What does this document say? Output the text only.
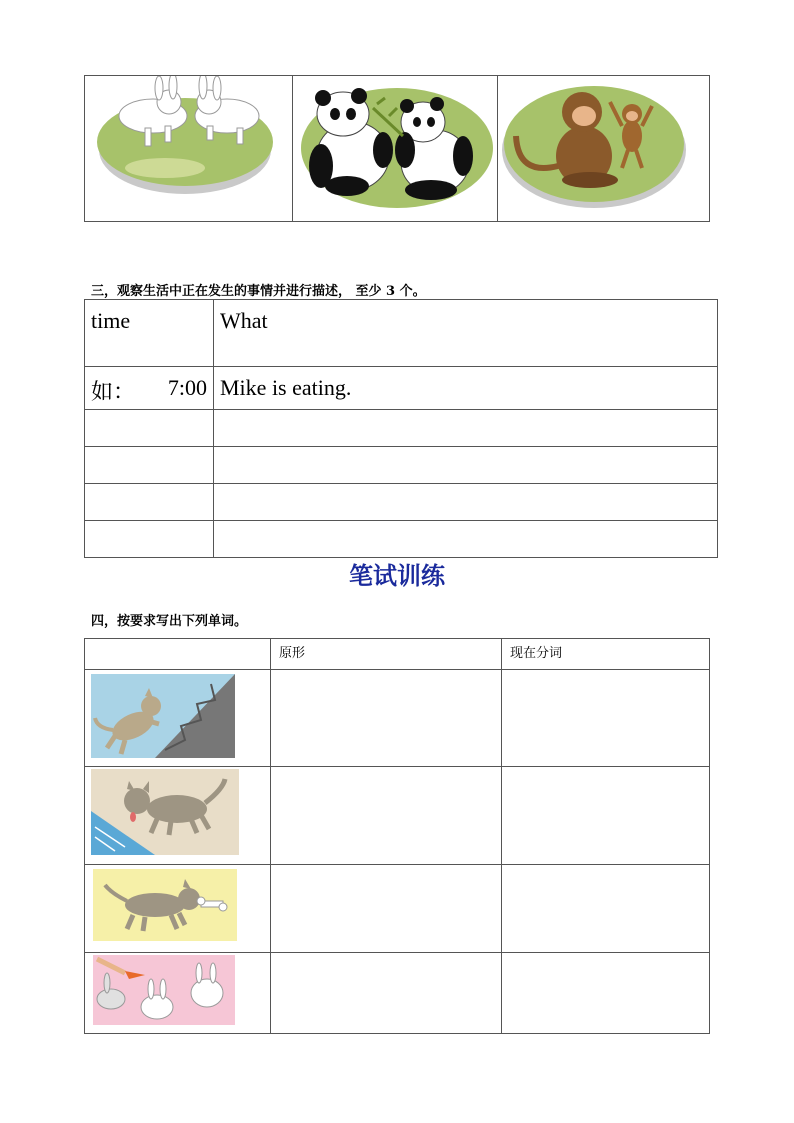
三，观察生活中正在发生的事情并进行描述， 至少 3 个。
time	What

如： 7:00	Mike is eating.

笔试训练
四，按要求写出下列单词。
	原形	现在分词
